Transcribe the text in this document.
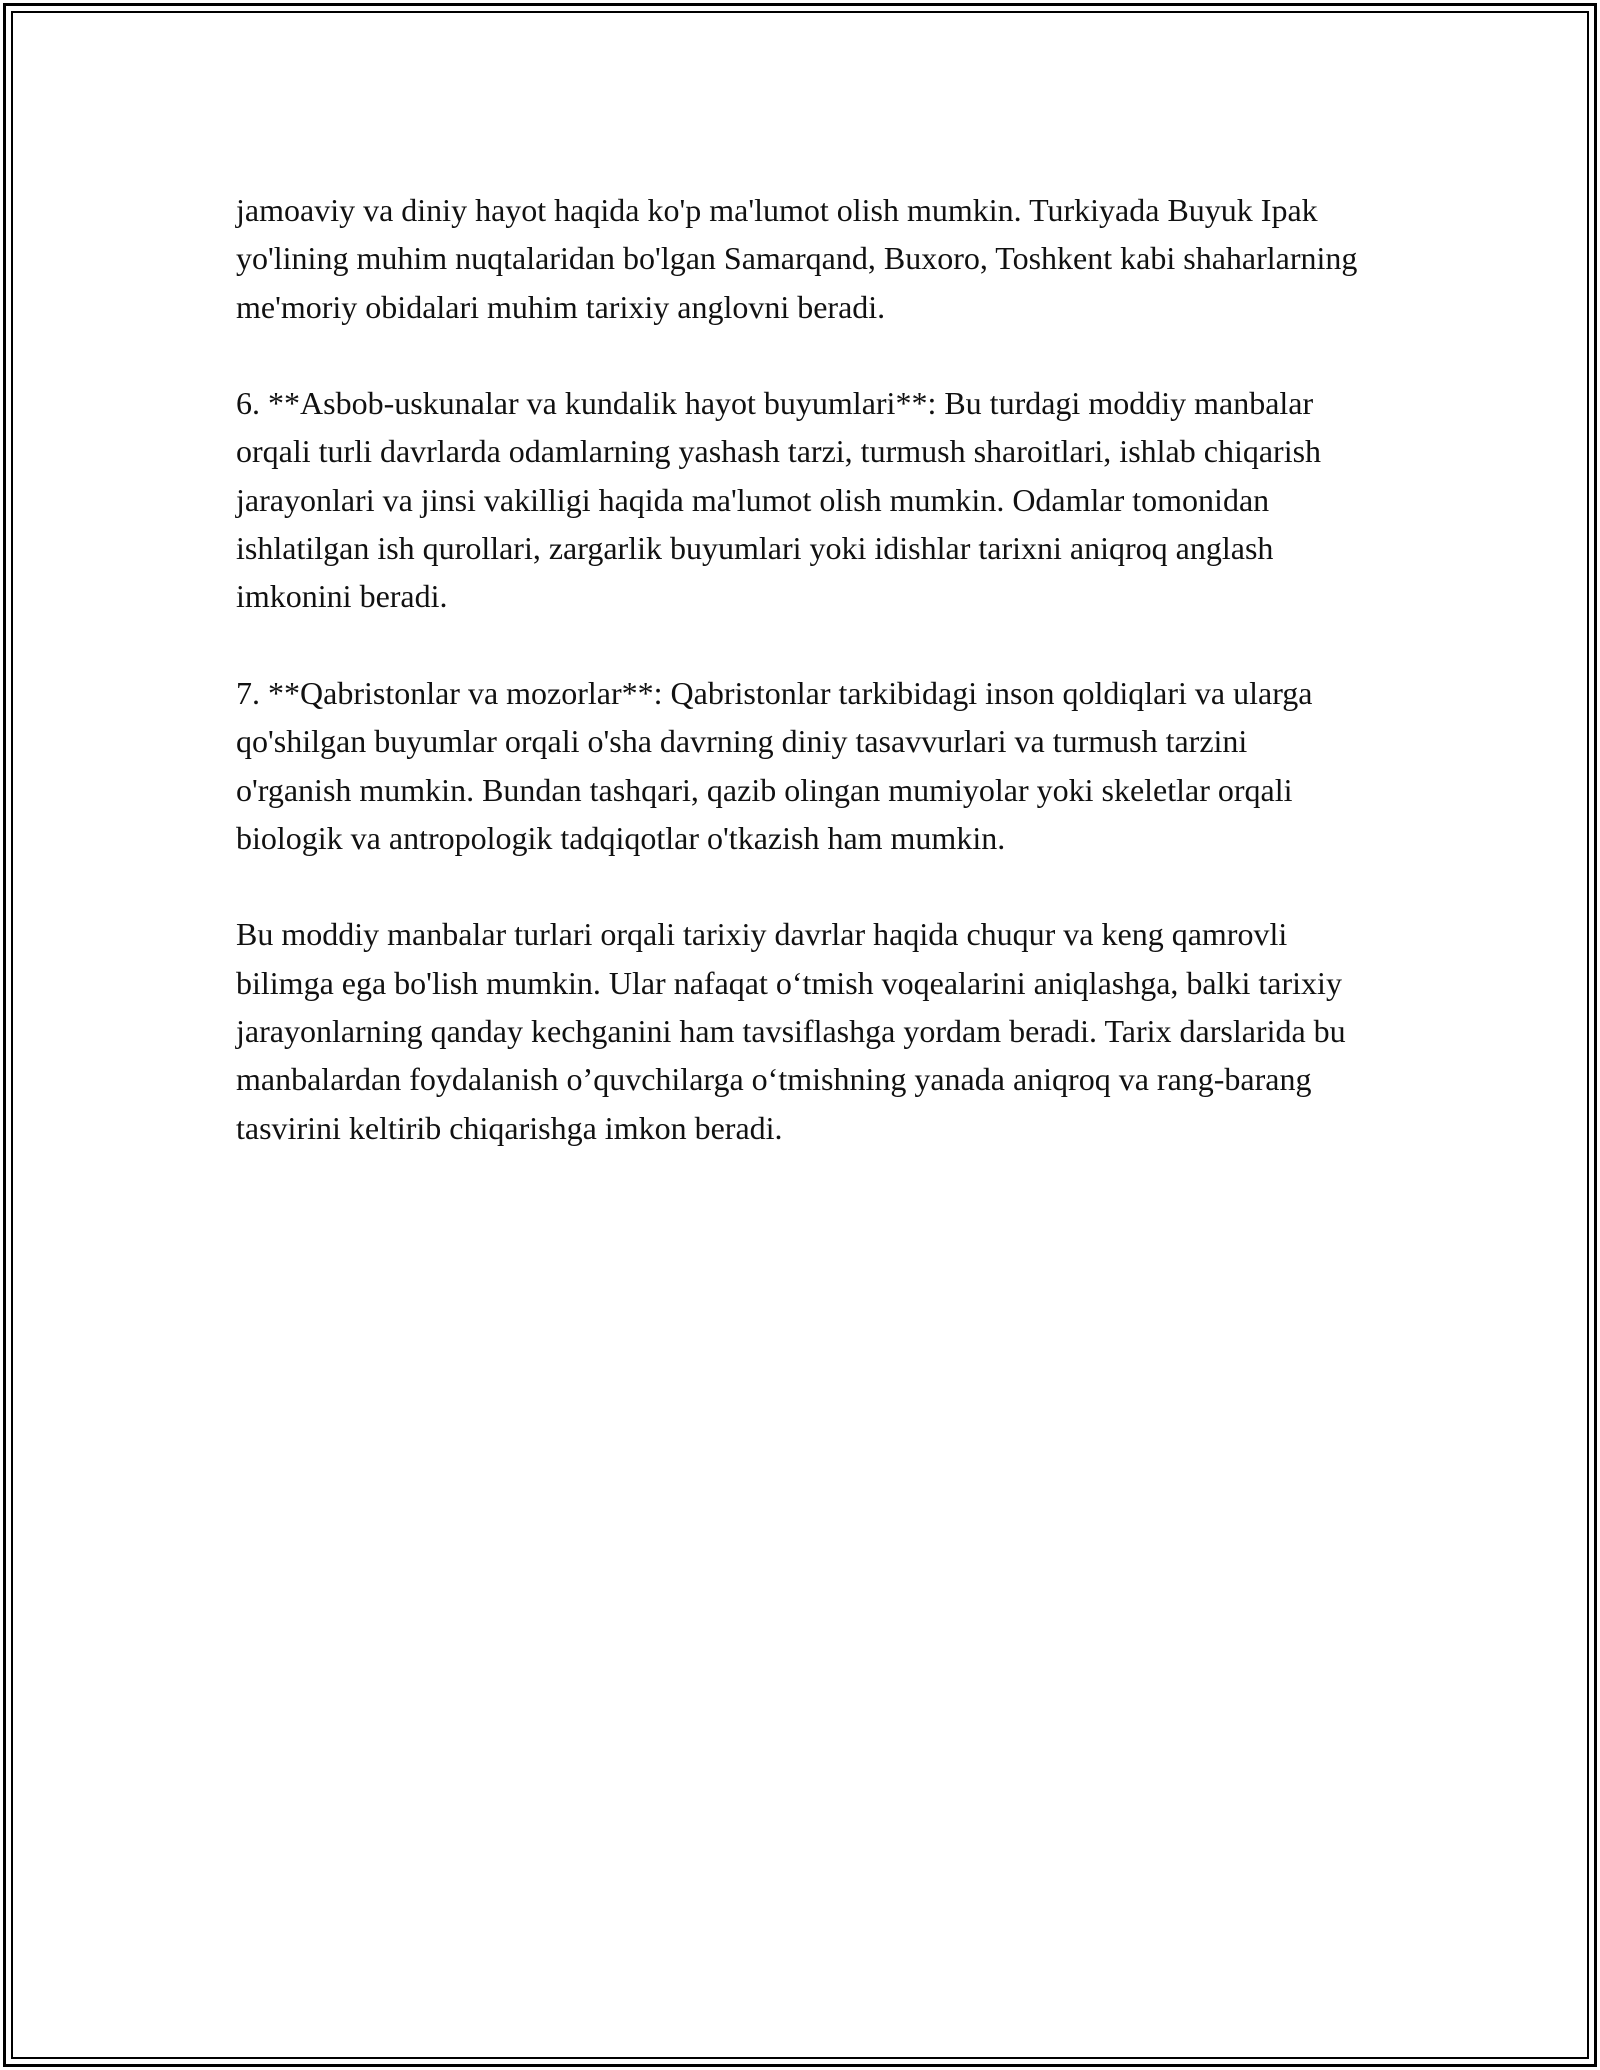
jamoaviy va diniy hayot haqida ko'p ma'lumot olish mumkin. Turkiyada Buyuk Ipak yo'lining muhim nuqtalaridan bo'lgan Samarqand, Buxoro, Toshkent kabi shaharlarning me'moriy obidalari muhim tarixiy anglovni beradi.

6. **Asbob-uskunalar va kundalik hayot buyumlari**: Bu turdagi moddiy manbalar orqali turli davrlarda odamlarning yashash tarzi, turmush sharoitlari, ishlab chiqarish jarayonlari va jinsi vakilligi haqida ma'lumot olish mumkin. Odamlar tomonidan ishlatilgan ish qurollari, zargarlik buyumlari yoki idishlar tarixni aniqroq anglash imkonini beradi.

7. **Qabristonlar va mozorlar**: Qabristonlar tarkibidagi inson qoldiqlari va ularga qo'shilgan buyumlar orqali o'sha davrning diniy tasavvurlari va turmush tarzini o'rganish mumkin. Bundan tashqari, qazib olingan mumiyolar yoki skeletlar orqali biologik va antropologik tadqiqotlar o'tkazish ham mumkin.

Bu moddiy manbalar turlari orqali tarixiy davrlar haqida chuqur va keng qamrovli bilimga ega bo'lish mumkin. Ular nafaqat o‘tmish voqealarini aniqlashga, balki tarixiy jarayonlarning qanday kechganini ham tavsiflashga yordam beradi. Tarix darslarida bu manbalardan foydalanish o’quvchilarga o‘tmishning yanada aniqroq va rang-barang tasvirini keltirib chiqarishga imkon beradi.
